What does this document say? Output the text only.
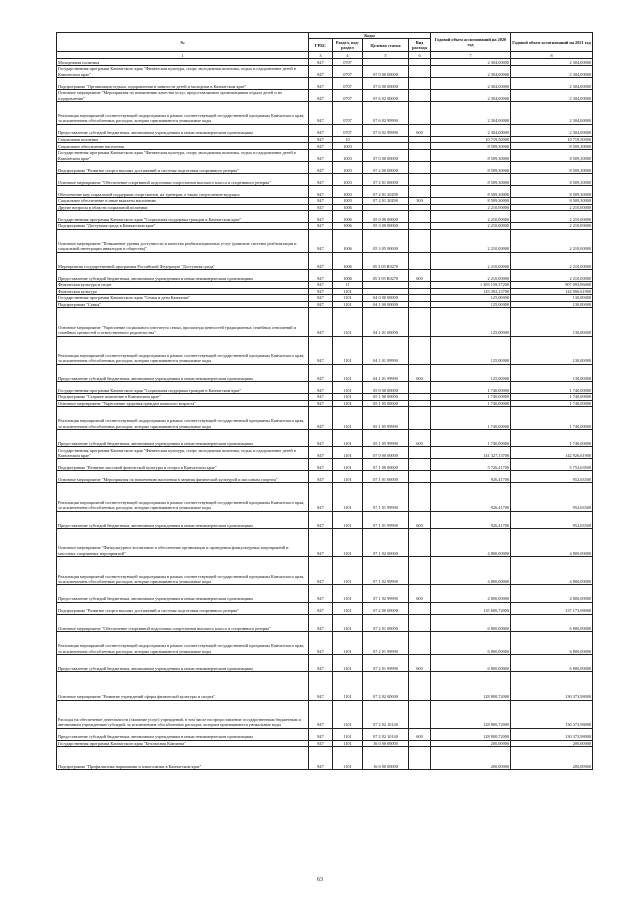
№	Коды				Годовой объем ассигнований на 2020 год	Годовой объем ассигнований на 2021 год
	ГРБС	Раздел, под-раздел	Целевая статья	Вид расхода		
1	3	4	5	6	7	8
Молодежная политика	847	0707			2 304,00000	2 304,00000
Государственная программа Камчатского края "Физическая культура, спорт, молодежная политика, отдых и оздоровление детей в Камчатском крае"	847	0707	07 0 00 00000		2 304,00000	2 304,00000
Подпрограмма "Организация отдыха, оздоровления и занятости детей и молодежи в Камчатском крае"	847	0707	07 6 00 00000		2 304,00000	2 304,00000
Основное мероприятие "Мероприятия по повышению качества услуг, предоставляемых организациями отдыха детей и их оздоровления"	847	0707	07 6 02 00000		2 304,00000	2 304,00000
Реализация мероприятий соответствующей подпрограммы в рамках соответствующей государственной программы Камчатского края, за исключением обособленных расходов, которые присваиваются уникальные коды	847	0707	07 6 02 99990		2 304,00000	2 304,00000
Предоставление субсидий бюджетным, автономным учреждениям и иным некоммерческим организациям	847	0707	07 6 02 99990	600	2 304,00000	2 304,00000
Социальная политика	847	10			10 719,50000	10 719,50000
Социальное обеспечение населения	847	1003			8 509,30000	8 509,30000
Государственная программа Камчатского края "Физическая культура, спорт, молодежная политика, отдых и оздоровление детей в Камчатском крае"	847	1003	07 0 00 00000		8 509,30000	8 509,30000
Подпрограмма "Развитие спорта высших достижений и системы подготовки спортивного резерва"	847	1003	07 2 00 00000		8 509,30000	8 509,30000
Основное мероприятие "Обеспечение спортивной подготовки спортсменов высокого класса и спортивного резерва"	847	1003	07 2 01 00000		8 509,30000	8 509,30000
Обеспечение мер социальной поддержки спортсменов, их тренеров, а также спортсменов-ведущих	847	1003	07 2 01 20290		8 509,30000	8 509,30000
Социальное обеспечение и иные выплаты населению	847	1003	07 2 01 20290	300	8 509,30000	8 509,30000
Другие вопросы в области социальной политики	847	1006			2 210,00000	2 210,00000
Государственная программа Камчатского края "Социальная поддержка граждан в Камчатском крае"	847	1006	05 0 00 00000		2 210,00000	2 210,00000
Подпрограмма "Доступная среда в Камчатском крае"	847	1006	05 3 00 00000		2 210,00000	2 210,00000
Основное мероприятие "Повышение уровня доступности и качества реабилитационных услуг (развитие системы реабилитации и социальной интеграции инвалидов и общества)"	847	1006	05 3 05 00000		2 210,00000	2 210,00000
Мероприятия государственной программы Российской Федерации "Доступная среда"	847	1006	05 3 05 R0270		2 210,00000	2 210,00000
Предоставление субсидий бюджетным, автономным учреждениям и иным некоммерческим организациям	847	1006	05 3 05 R0270	600	2 210,00000	2 210,00000
Физическая культура и спорт	847	11			1 383 159,57200	907 093,96000
Физическая культура	847	1101			143 392,13700	144 996,61900
Государственная программа Камчатского края "Семья и дети Камчатки"	847	1101	04 0 00 00000		125,00000	130,00000
Подпрограмма "Семья"	847	1101	04 1 00 00000		125,00000	130,00000
Основное мероприятие "Укрепление социального института семьи, пропаганда ценностей традиционных семейных отношений и семейных ценностей и ответственного родительства"	847	1101	04 1 01 00000		125,00000	130,00000
Реализация мероприятий соответствующей подпрограммы в рамках соответствующей государственной программы Камчатского края, за исключением обособленных расходов, которые присваиваются уникальные коды	847	1101	04 1 01 99990		125,00000	130,00000
Предоставление субсидий бюджетным, автономным учреждениям и иным некоммерческим организациям	847	1101	04 1 01 99990	600	125,00000	130,00000
Государственная программа Камчатского края "Социальная поддержка граждан в Камчатском крае"	847	1101	05 0 00 00000		1 740,00000	1 740,00000
Подпрограмма "Старшее поколение в Камчатском крае"	847	1101	05 1 00 00000		1 740,00000	1 740,00000
Основное мероприятие "Укрепление здоровья граждан пожилого возраста"	847	1101	05 1 05 00000		1 740,00000	1 740,00000
Реализация мероприятий соответствующей подпрограммы в рамках соответствующей государственной программы Камчатского края, за исключением обособленных расходов, которые присваиваются уникальные коды	847	1101	05 1 05 99990		1 740,00000	1 740,00000
Предоставление субсидий бюджетным, автономным учреждениям и иным некоммерческим организациям	847	1101	05 1 05 99990	600	1 740,00000	1 740,00000
Государственная программа Камчатского края "Физическая культура, спорт, молодежная политика, отдых и оздоровление детей в Камчатском крае"	847	1101	07 0 00 00000		141 327,13700	142 926,61900
Подпрограмма "Развитие массовой физической культуры и спорта в Камчатском крае"	847	1101	07 1 00 00000		5 726,41700	5 752,63500
Основное мероприятие "Мероприятия по вовлечению населения в занятия физической культурой и массовым спортом"	847	1101	07 1 01 00000		926,41700	952,63500
Реализация мероприятий соответствующей подпрограммы в рамках соответствующей государственной программы Камчатского края, за исключением обособленных расходов, которые присваиваются уникальные коды	847	1101	07 1 01 99990		926,41700	952,63500
Предоставление субсидий бюджетным, автономным учреждениям и иным некоммерческим организациям	847	1101	07 1 01 99990	600	926,41700	952,63500
Основное мероприятие "Физкультурное воспитание и обеспечение организации и проведения физкультурных мероприятий и массовых спортивных мероприятий"	847	1101	07 1 02 00000		4 800,00000	4 800,00000
Реализация мероприятий соответствующей подпрограммы в рамках соответствующей государственной программы Камчатского края, за исключением обособленных расходов, которые присваиваются уникальные коды	847	1101	07 1 02 99990		4 800,00000	4 800,00000
Предоставление субсидий бюджетным, автономным учреждениям и иным некоммерческим организациям	847	1101	07 1 02 99990	600	4 800,00000	4 800,00000
Подпрограмма "Развитие спорта высших достижений и системы подготовки спортивного резерва"	847	1101	07 2 00 00000		135 600,72000	137 173,98000
Основное мероприятие "Обеспечение спортивной подготовки спортсменов высокого класса и спортивного резерва"	847	1101	07 2 01 00000		6 800,00000	6 800,00000
Реализация мероприятий соответствующей подпрограммы в рамках соответствующей государственной программы Камчатского края, за исключением обособленных расходов, которые присваиваются уникальные коды	847	1101	07 2 01 99990		6 800,00000	6 800,00000
Предоставление субсидий бюджетным, автономным учреждениям и иным некоммерческим организациям	847	1101	07 2 01 99990	600	6 800,00000	6 800,00000
Основное мероприятие "Развитие учреждений сферы физической культуры и спорта"	847	1101	07 2 02 00000		128 800,72000	130 373,98000
Расходы на обеспечение деятельности (оказание услуг) учреждений, в том числе на предоставление государственным бюджетным и автономным учреждениям субсидий, за исключением обособленных расходов, которым присваиваются уникальные коды	847	1101	07 2 02 10140		128 800,72000	130 373,98000
Предоставление субсидий бюджетным, автономным учреждениям и иным некоммерческим организациям	847	1101	07 2 02 10140	600	128 800,72000	130 373,98000
Государственная программа Камчатского края "Безопасная Камчатка"	847	1101	16 0 00 00000		200,00000	200,00000
Подпрограмма "Профилактика наркомании и алкоголизма в Камчатском крае"	847	1101	16 6 00 00000		200,00000	200,00000
63
